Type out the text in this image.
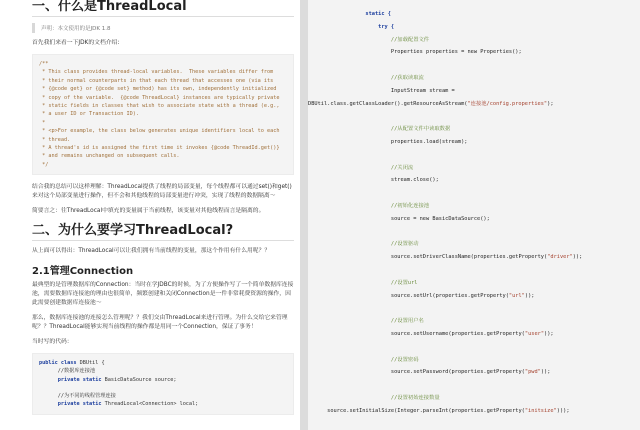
一、什么是ThreadLocal
声明：本文使用的是JDK 1.8

首先我们来看一下JDK的文档介绍:

/**
* This class provides thread-local variables.  These variables differ from
* their normal counterparts in that each thread that accesses one (via its
* {@code get} or {@code set} method) has its own, independently initialized
* copy of the variable.  {@code ThreadLocal} instances are typically private
* static fields in classes that wish to associate state with a thread (e.g.,
* a user ID or Transaction ID).
*
* <p>For example, the class below generates unique identifiers local to each
* thread.
* A thread's id is assigned the first time it invokes {@code ThreadId.get()}
* and remains unchanged on subsequent calls.
*/

结合我的总结可以这样理解：ThreadLocal提供了线程的局部变量，每个线程都可以通过set()和get()来对这个局部变量进行操作，但不会和其他线程的局部变量进行冲突，实现了线程的数据隔离～

简要言之：往ThreadLocal中填充的变量属于当前线程，该变量对其他线程而言是隔离的。

二、为什么要学习ThreadLocal?

从上面可以得出：ThreadLocal可以让我们拥有当前线程的变量，那这个作用有什么用呢？？

2.1管理Connection

最典型的是管理数据库的Connection：当时在学JDBC的时候，为了方便操作写了一个简单数据库连接池，需要数据库连接池的理由也很简单，频繁创建和关闭Connection是一件非常耗费资源的操作，因此需要创建数据库连接池～

那么，数据库连接池的连接怎么管理呢？？我们交由ThreadLocal来进行管理。为什么交给它来管理呢？？ThreadLocal能够实现当前线程的操作都是用同一个Connection，保证了事务！

当时写的代码：

public class DBUtil {
//数据库连接池
private static BasicDataSource source;

//为不同的线程管理连接
private static ThreadLocal<Connection> local;
static {
try {
//加载配置文件
Properties properties = new Properties();

//获取读取流
InputStream stream =
DBUtil.class.getClassLoader().getResourceAsStream("连接池/config.properties");

//从配置文件中读取数据
properties.load(stream);

//关闭流
stream.close();

//初始化连接池
source = new BasicDataSource();

//设置驱动
source.setDriverClassName(properties.getProperty("driver"));

//设置url
source.setUrl(properties.getProperty("url"));

//设置用户名
source.setUsername(properties.getProperty("user"));

//设置密码
source.setPassword(properties.getProperty("pwd"));

//设置初始连接数量
source.setInitialSize(Integer.parseInt(properties.getProperty("initsize")));
